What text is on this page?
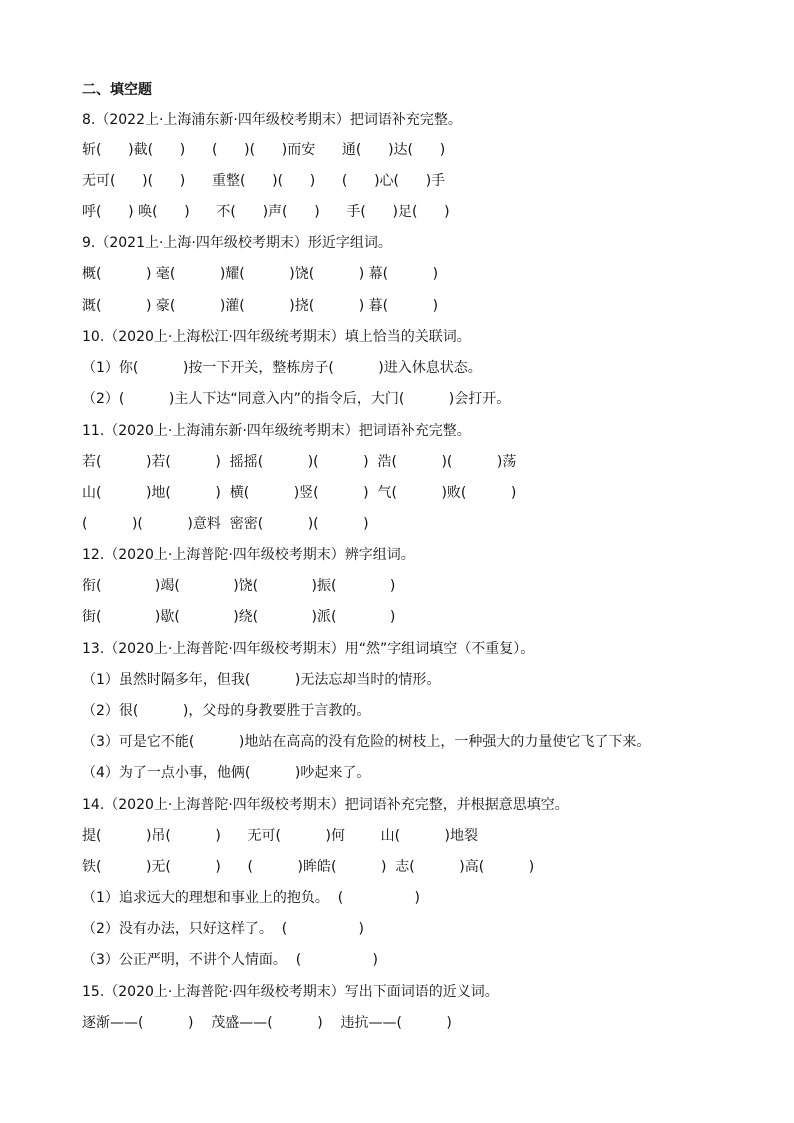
二、填空题
8.（2022上·上海浦东新·四年级校考期末）把词语补充完整。
斩(      )截(      )      (      )(      )而安      通(      )达(      )
无可(      )(      )      重整(      )(      )      (      )心(      )手
呼(      ) 唤(      )      不(      )声(      )      手(      )足(      )
9.（2021上·上海·四年级校考期末）形近字组词。
概(          ) 毫(          )耀(          )饶(          ) 幕(          )
溉(          ) 豪(          )灌(          )挠(          ) 暮(          )
10.（2020上·上海松江·四年级统考期末）填上恰当的关联词。
（1）你(          )按一下开关，整栋房子(          )进入休息状态。
（2）(          )主人下达“同意入内”的指令后，大门(          )会打开。
11.（2020上·上海浦东新·四年级统考期末）把词语补充完整。
若(          )若(          )  摇摇(          )(          )  浩(          )(          )荡
山(          )地(          )  横(          )竖(          )  气(          )败(          )
(          )(          )意料  密密(          )(          )
12.（2020上·上海普陀·四年级校考期末）辨字组词。
衔(            )竭(            )饶(            )振(            )
街(            )歇(            )绕(            )派(            )
13.（2020上·上海普陀·四年级校考期末）用“然”字组词填空（不重复）。
（1）虽然时隔多年，但我(          )无法忘却当时的情形。
（2）很(          )，父母的身教要胜于言教的。
（3）可是它不能(          )地站在高高的没有危险的树枝上，一种强大的力量使它飞了下来。
（4）为了一点小事，他俩(          )吵起来了。
14.（2020上·上海普陀·四年级校考期末）把词语补充完整，并根据意思填空。
提(          )吊(          )      无可(          )何        山(          )地裂
铁(          )无(          )      (          )眸皓(          )  志(          )高(          )
（1）追求远大的理想和事业上的抱负。  (                )
（2）没有办法，只好这样了。  (                )
（3）公正严明，不讲个人情面。  (                )
15.（2020上·上海普陀·四年级校考期末）写出下面词语的近义词。
逐渐——(          )    茂盛——(          )    违抗——(          )
